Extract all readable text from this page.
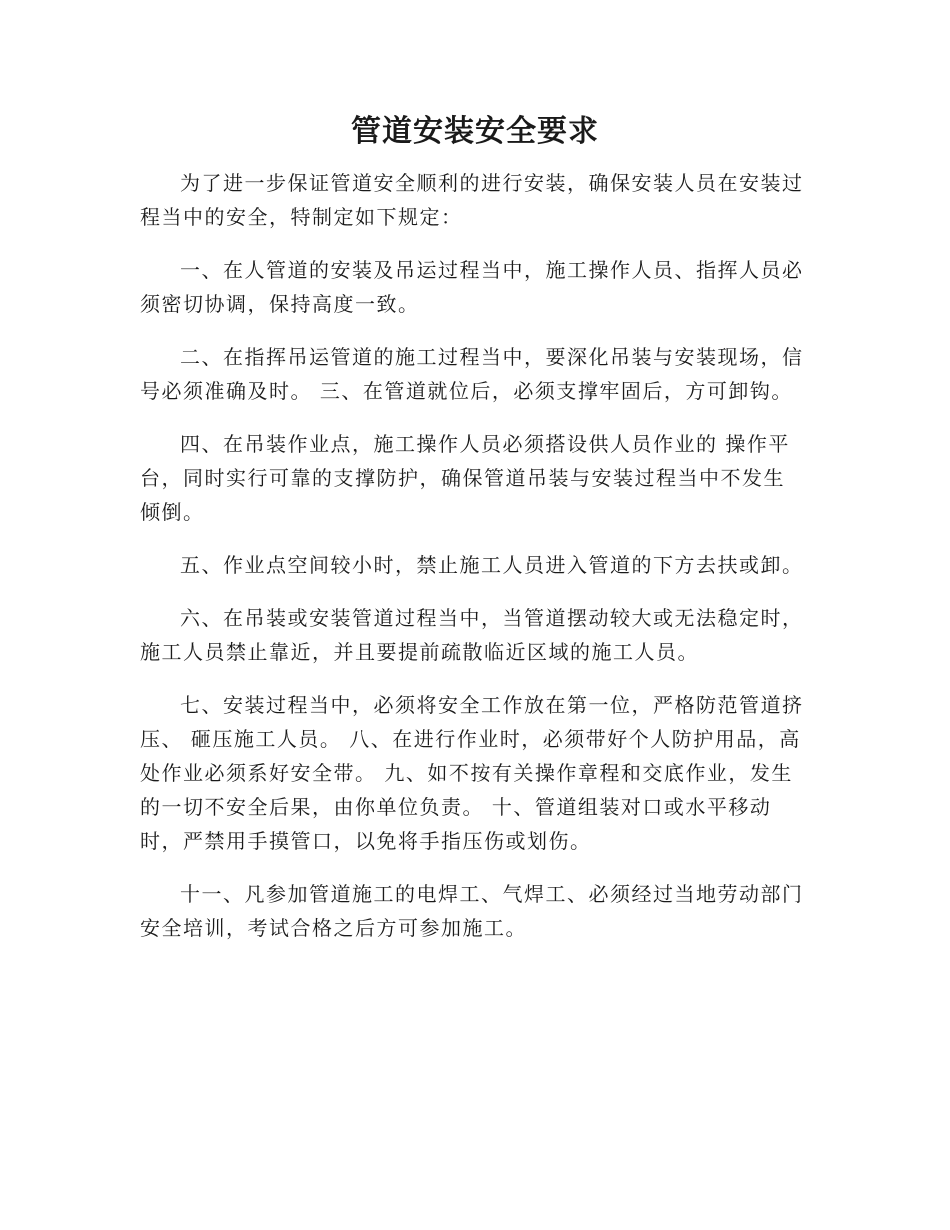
管道安装安全要求

为了进一步保证管道安全顺利的进行安装，确保安装人员在安装过程当中的安全，特制定如下规定：

一、在人管道的安装及吊运过程当中，施工操作人员、指挥人员必须密切协调，保持高度一致。

二、在指挥吊运管道的施工过程当中，要深化吊装与安装现场，信号必须准确及时。 三、在管道就位后，必须支撑牢固后，方可卸钩。

四、在吊装作业点，施工操作人员必须搭设供人员作业的 操作平台，同时实行可靠的支撑防护，确保管道吊装与安装过程当中不发生倾倒。

五、作业点空间较小时，禁止施工人员进入管道的下方去扶或卸。

六、在吊装或安装管道过程当中，当管道摆动较大或无法稳定时，施工人员禁止靠近，并且要提前疏散临近区域的施工人员。

七、安装过程当中，必须将安全工作放在第一位，严格防范管道挤压、 砸压施工人员。 八、在进行作业时，必须带好个人防护用品，高处作业必须系好安全带。 九、如不按有关操作章程和交底作业，发生的一切不安全后果，由你单位负责。 十、管道组装对口或水平移动时，严禁用手摸管口，以免将手指压伤或划伤。

十一、凡参加管道施工的电焊工、气焊工、必须经过当地劳动部门安全培训，考试合格之后方可参加施工。
